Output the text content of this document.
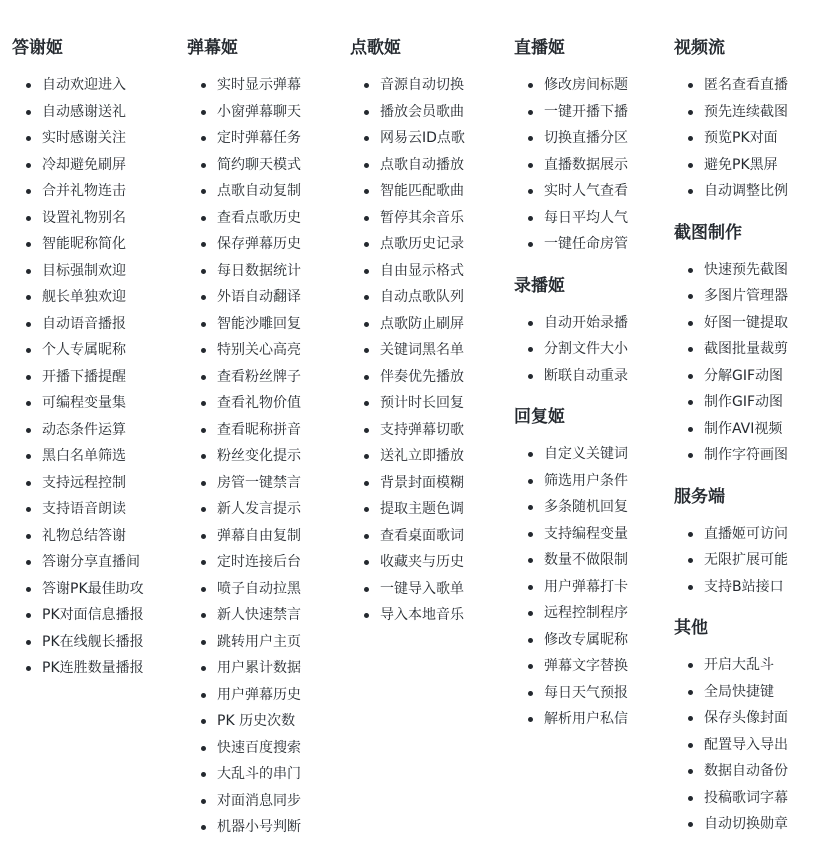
答谢姬
自动欢迎进入
自动感谢送礼
实时感谢关注
冷却避免刷屏
合并礼物连击
设置礼物别名
智能昵称简化
目标强制欢迎
舰长单独欢迎
自动语音播报
个人专属昵称
开播下播提醒
可编程变量集
动态条件运算
黑白名单筛选
支持远程控制
支持语音朗读
礼物总结答谢
答谢分享直播间
答谢PK最佳助攻
PK对面信息播报
PK在线舰长播报
PK连胜数量播报
弹幕姬
实时显示弹幕
小窗弹幕聊天
定时弹幕任务
简约聊天模式
点歌自动复制
查看点歌历史
保存弹幕历史
每日数据统计
外语自动翻译
智能沙雕回复
特别关心高亮
查看粉丝牌子
查看礼物价值
查看昵称拼音
粉丝变化提示
房管一键禁言
新人发言提示
弹幕自由复制
定时连接后台
喷子自动拉黑
新人快速禁言
跳转用户主页
用户累计数据
用户弹幕历史
PK 历史次数
快速百度搜索
大乱斗的串门
对面消息同步
机器小号判断
点歌姬
音源自动切换
播放会员歌曲
网易云ID点歌
点歌自动播放
智能匹配歌曲
暂停其余音乐
点歌历史记录
自由显示格式
自动点歌队列
点歌防止刷屏
关键词黑名单
伴奏优先播放
预计时长回复
支持弹幕切歌
送礼立即播放
背景封面模糊
提取主题色调
查看桌面歌词
收藏夹与历史
一键导入歌单
导入本地音乐
直播姬
修改房间标题
一键开播下播
切换直播分区
直播数据展示
实时人气查看
每日平均人气
一键任命房管
录播姬
自动开始录播
分割文件大小
断联自动重录
回复姬
自定义关键词
筛选用户条件
多条随机回复
支持编程变量
数量不做限制
用户弹幕打卡
远程控制程序
修改专属昵称
弹幕文字替换
每日天气预报
解析用户私信
视频流
匿名查看直播
预先连续截图
预览PK对面
避免PK黑屏
自动调整比例
截图制作
快速预先截图
多图片管理器
好图一键提取
截图批量裁剪
分解GIF动图
制作GIF动图
制作AVI视频
制作字符画图
服务端
直播姬可访问
无限扩展可能
支持B站接口
其他
开启大乱斗
全局快捷键
保存头像封面
配置导入导出
数据自动备份
投稿歌词字幕
自动切换勋章
